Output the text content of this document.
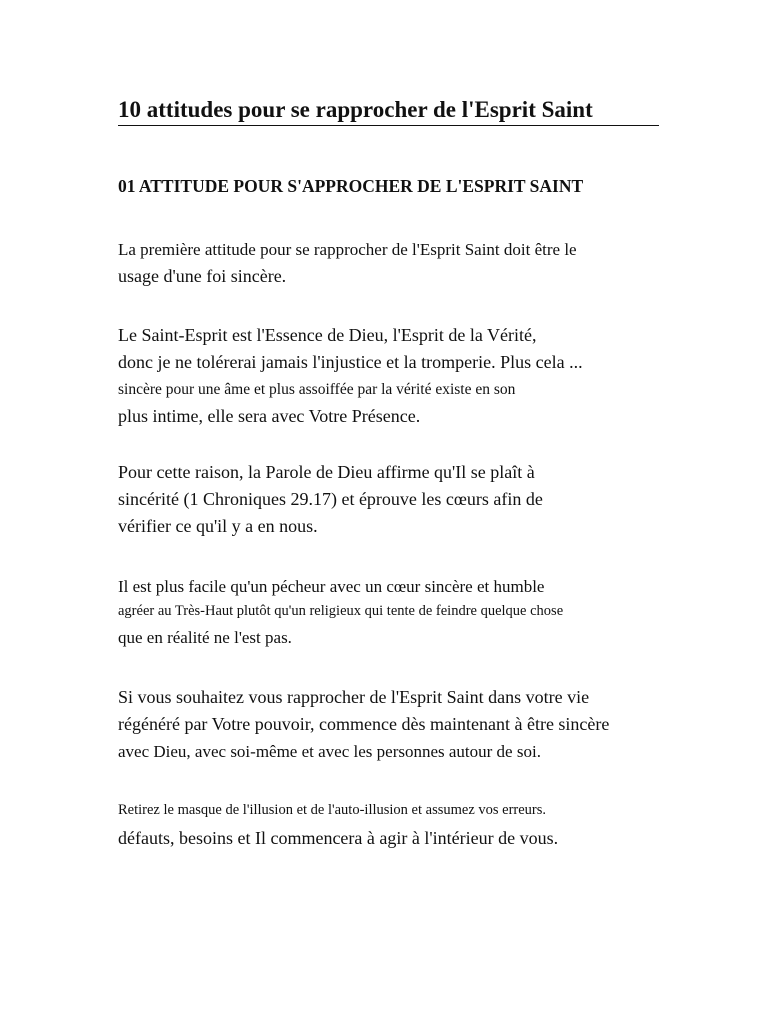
10 attitudes pour se rapprocher de l'Esprit Saint
01 ATTITUDE POUR S'APPROCHER DE L'ESPRIT SAINT

La première attitude pour se rapprocher de l'Esprit Saint doit être le
usage d'une foi sincère.

Le Saint-Esprit est l'Essence de Dieu, l'Esprit de la Vérité,
donc je ne tolérerai jamais l'injustice et la tromperie. Plus cela ...
sincère pour une âme et plus assoiffée par la vérité existe en son
plus intime, elle sera avec Votre Présence.

Pour cette raison, la Parole de Dieu affirme qu'Il se plaît à
sincérité (1 Chroniques 29.17) et éprouve les cœurs afin de
vérifier ce qu'il y a en nous.

Il est plus facile qu'un pécheur avec un cœur sincère et humble
agréer au Très-Haut plutôt qu'un religieux qui tente de feindre quelque chose
que en réalité ne l'est pas.

Si vous souhaitez vous rapprocher de l'Esprit Saint dans votre vie
régénéré par Votre pouvoir, commence dès maintenant à être sincère
avec Dieu, avec soi-même et avec les personnes autour de soi.

Retirez le masque de l'illusion et de l'auto-illusion et assumez vos erreurs.
défauts, besoins et Il commencera à agir à l'intérieur de vous.
